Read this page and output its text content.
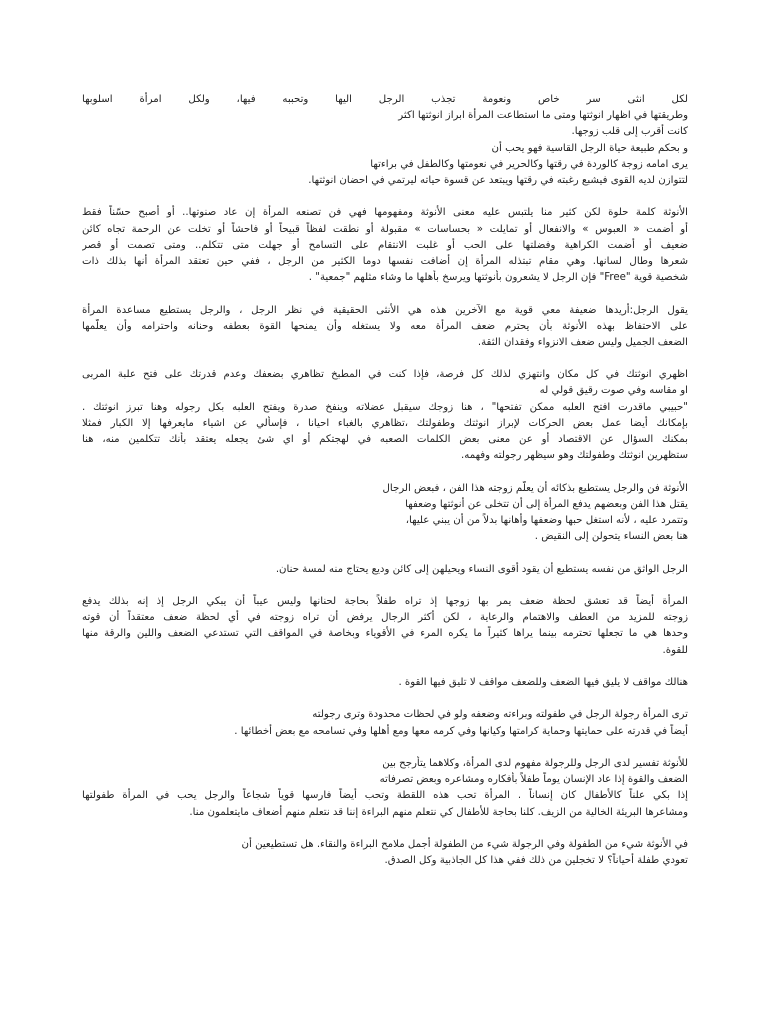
لكل انثى سر خاص ونعومة تجذب الرجل اليها وتحببه فيها، ولكل امرأة اسلوبها
وطريقتها في اظهار انوثتها ومتى ما استطاعت المرأة ابراز انوثتها اكثر
كانت أقرب إلى قلب زوجها.
و بحكم طبيعة حياة الرجل القاسية فهو يحب أن
يرى امامه زوجة كالوردة في رقتها وكالحرير في نعومتها وكالطفل في براءتها
لتتوازن لديه القوى فيشبع رغبته في رقتها ويبتعد عن قسوة حياته ليرتمي في احضان انوثتها.
الأنوثة كلمة حلوة لكن كثير منا يلتبس عليه معنى الأنوثة ومفهومها فهي فن تصنعه المرأة إن عاد صنوتها.. أو أصبح حسّناً فقط
أو أضمت « العبوس » والانفعال أو تمايلت « بحساسات » مقبولة أو نطقت لفظاً قبيحاً أو فاحشاً أو تخلت عن الرحمة تجاه كائن
ضعيف أو أضمت الكراهية وفضلتها على الحب أو غلبت الانتقام على التسامح أو جهلت متى تتكلم.. ومتى تصمت أو قصر
شعرها وطال لسانها. وهي مقام تبتذله المرأة إن أضافت نفسها دوما الكثير من الرجل ، ففي حين تعتقد المرأة أنها بذلك ذات
شخصية قوية "Free" فإن الرجل لا يشعرون بأنوثتها ويرسخ بأهلها ما وشاء مثلهم "جمعية" .
يقول الرجل:أريدها ضعيفة معي قوية مع الآخرين هذه هي الأنثى الحقيقية في نظر الرجل ، والرجل يستطيع مساعدة المرأة
على الاحتفاظ بهذه الأنوثة بأن يحترم ضعف المرأة معه ولا يستغله وأن يمنحها القوة بعطفه وحنانه واحترامه وأن يعلّمها
الضعف الجميل وليس ضعف الانزواء وفقدان الثقة.
اظهري انوثتك في كل مكان وانتهزي لذلك كل فرصة، فإذا كنت في المطبخ تظاهري بضعفك وعدم قدرتك على فتح علبة المربى
او مقاسه وفي صوت رقيق قولي له
"حبيبي ماقدرت افتح العلبه ممكن تفتحها" ، هنا زوجك سيقبل عضلاته وينفخ صدرة ويفتح العلبه بكل رجوله وهنا تبرز انوثتك .
بإمكانك أيضا عمل بعض الحركات لإبراز انوثتك وطفولتك ،تظاهري بالغباء احيانا ، فإسألي عن اشياء مايعرفها إلا الكبار فمثلا
بمكنك السؤال عن الاقتصاد أو عن معنى بعض الكلمات الصعبه في لهجتكم أو اي شئ يجعله يعتقد بأنك تتكلمين منه، هنا
ستظهرين انوثتك وطفولتك وهو سيظهر رجولته وفهمه.
الأنوثة فن والرجل يستطيع بذكائه أن يعلّم زوجته هذا الفن ، فبعض الرجال
يقتل هذا الفن وبعضهم يدفع المرأة إلى أن تتخلى عن أنوثتها وضعفها
وتتمرد عليه ، لأنه استغل حبها وضعفها وأهانها بدلاً من أن يبني عليها،
هنا بعض النساء يتحولن إلى النقيض .
الرجل الواثق من نفسه يستطيع أن يقود أقوى النساء ويحيلهن إلى كائن وديع يحتاج منه لمسة حنان.
المرأة أيضاً قد تعشق لحظة ضعف يمر بها زوجها إذ تراه طفلاً بحاجة لحنانها وليس عيباً أن يبكي الرجل إذ إنه بذلك يدفع
زوجته للمزيد من العطف والاهتمام والرعاية ، لكن أكثر الرجال يرفض أن تراه زوجته في أي لحظة ضعف معتقداً أن قوته
وحدها هي ما تجعلها تحترمه بينما يراها كثيراً ما يكره المرء في الأقوياء وبخاصة في المواقف التي تستدعي الضعف واللين والرقة منها
للقوة.
هنالك مواقف لا يليق فيها الضعف وللضعف مواقف لا تليق فيها القوة .
ترى المرأة رجولة الرجل في طفولته وبراءته وضعفه ولو في لحظات محدودة وترى رجولته
أيضاً في قدرته على حمايتها وحماية كرامتها وكيانها وفي كرمه معها ومع أهلها وفي تسامحه مع بعض أخطائها .
للأنوثة تفسير لدى الرجل وللرجولة مفهوم لدى المرأة، وكلاهما يتأرجح بين
الضعف والقوة إذا عاد الإنسان يوماً طفلاً بأفكاره ومشاعره وبعض تصرفاته
إذا بكي علناً كالأطفال كان إنساناً . المرأة تحب هذه اللقطة وتحب أيضاً فارسها قوياً شجاعاً والرجل يحب في المرأة طفولتها
ومشاعرها البريئة الخالية من الزيف. كلنا بحاجة للأطفال كي نتعلم منهم البراءة إننا قد نتعلم منهم أضعاف مايتعلمون منا.
في الأنوثة شيء من الطفولة وفي الرجولة شيء من الطفولة أجمل ملامح البراءة والنقاء. هل تستطيعين أن
تعودي طفلة أحياناً؟ لا تخجلين من ذلك ففي هذا كل الجاذبية وكل الصدق.
